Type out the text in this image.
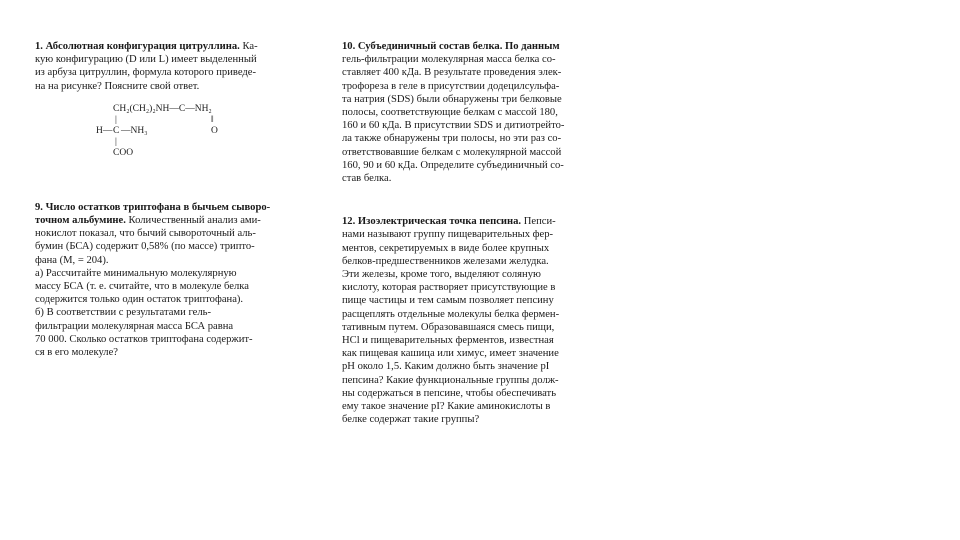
1. Абсолютная конфигурация цитруллина. Ка-
кую конфигурацию (D или L) имеет выделенный
из арбуза цитруллин, формула которого приведе-
на на рисунке? Поясните свой ответ.
CH₂(CH₂)₂NH—C—NH₂
‖
H— C —NH₃	O
|
|
COO
9. Число остатков триптофана в бычьем сыворо-
точном альбумине. Количественный анализ ами-
нокислот показал, что бычий сывороточный аль-
бумин (БСА) содержит 0,58% (по массе) трипто-
фана (M, = 204).
а) Рассчитайте минимальную молекулярную
массу БСА (т. е. считайте, что в молекуле белка
содержится только один остаток триптофана).
б) В соответствии с результатами гель-
фильтрации молекулярная масса БСА равна
70 000. Сколько остатков триптофана содержит-
ся в его молекуле?
10. Субъединичный состав белка. По данным
гель-фильтрации молекулярная масса белка со-
ставляет 400 кДа. В результате проведения элек-
трофореза в геле в присутствии додецилсульфа-
та натрия (SDS) были обнаружены три белковые
полосы, соответствующие белкам с массой 180,
160 и 60 кДа. В присутствии SDS и дитиотрейто-
ла также обнаружены три полосы, но эти раз со-
ответствовавшие белкам с молекулярной массой
160, 90 и 60 кДа. Определите субъединичный со-
став белка.
12. Изоэлектрическая точка пепсина. Пепси-
нами называют группу пищеварительных фер-
ментов, секретируемых в виде более крупных
белков-предшественников железами желудка.
Эти железы, кроме того, выделяют соляную
кислоту, которая растворяет присутствующие в
пище частицы и тем самым позволяет пепсину
расщеплять отдельные молекулы белка фермен-
тативным путем. Образовавшаяся смесь пищи,
HCl и пищеварительных ферментов, известная
как пищевая кашица или химус, имеет значение
pH около 1,5. Каким должно быть значение pI
пепсина? Какие функциональные группы долж-
ны содержаться в пепсине, чтобы обеспечивать
ему такое значение pI? Какие аминокислоты в
белке содержат такие группы?
